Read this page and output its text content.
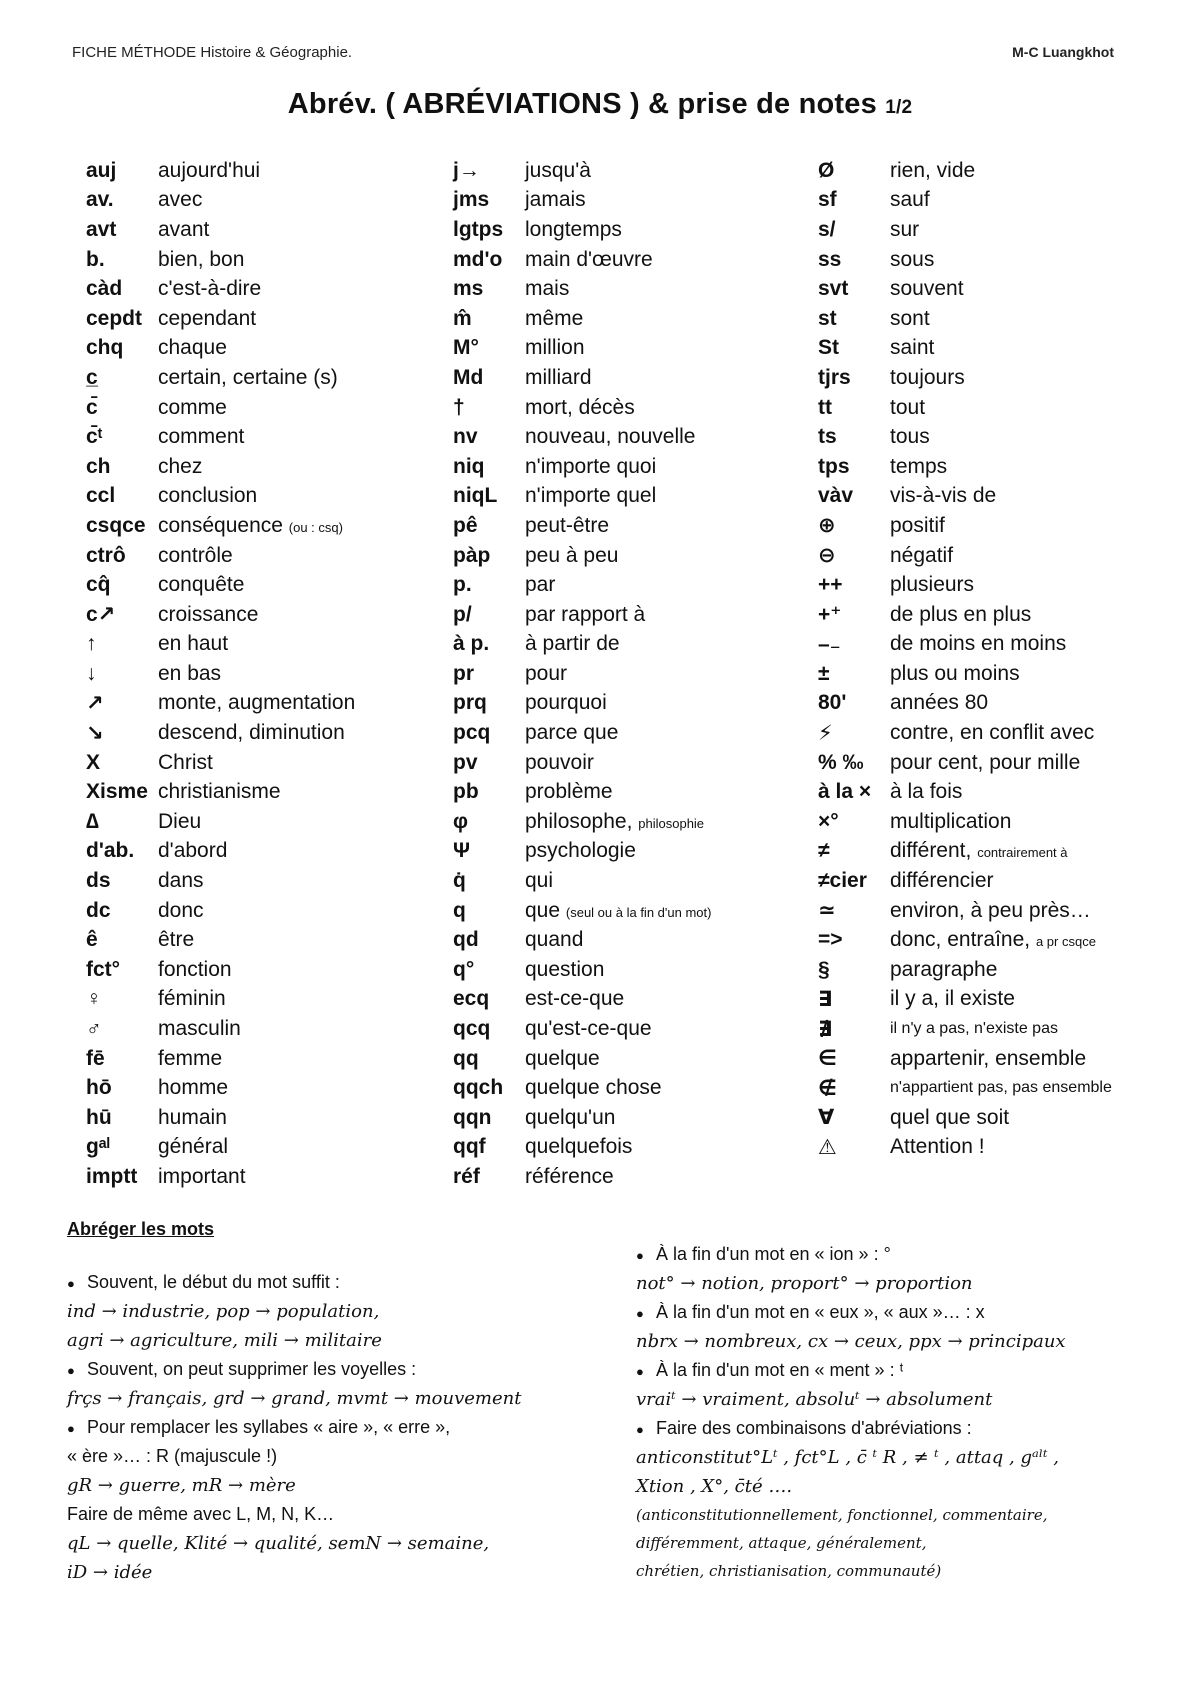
FICHE MÉTHODE Histoire & Géographie.	M-C Luangkhot
Abrév. ( ABRÉVIATIONS ) & prise de notes 1/2
auj	aujourd'hui
av.	avec
avt	avant
b.	bien, bon
càd	c'est-à-dire
cepdt cependant
chq	chaque
c̲	certain, certaine (s)
c̄	comme
c̄ᵗ	comment
ch	chez
ccl	conclusion
csqce conséquence (ou : csq)
ctrô	contrôle
cq̂	conquête
c↗	croissance
↑	en haut
↓	en bas
↗	monte, augmentation
↘	descend, diminution
X	Christ
Xisme christianisme
∆	Dieu
d'ab.	d'abord
ds	dans
dc	donc
ê	être
fct°	fonction
♀	féminin
♂	masculin
fē	femme
hō	homme
hū	humain
gᵃˡ	général
imptt important
j→	jusqu'à
jms	jamais
lgtps	longtemps
md'o	main d'œuvre
ms	mais
m̂	même
M°	million
Md	milliard
†	mort, décès
nv	nouveau, nouvelle
niq	n'importe quoi
niqL	n'importe quel
pê	peut-être
pàp	peu à peu
p.	par
p/	par rapport à
à p.	à partir de
pr	pour
prq	pourquoi
pcq	parce que
pv	pouvoir
pb	problème
φ	philosophe, philosophie
Ψ	psychologie
q̇	qui
q	que (seul ou à la fin d'un mot)
qd	quand
q°	question
ecq	est-ce-que
qcq	qu'est-ce-que
qq	quelque
qqch	quelque chose
qqn	quelqu'un
qqf	quelquefois
réf	référence
Ø	rien, vide
sf	sauf
s/	sur
ss	sous
svt	souvent
st	sont
St	saint
tjrs	toujours
tt	tout
ts	tous
tps	temps
vàv	vis-à-vis de
⊕	positif
⊖	négatif
++	plusieurs
+⁺	de plus en plus
–₋	de moins en moins
±	plus ou moins
80'	années 80
⚡	contre, en conflit avec
% ‰	pour cent, pour mille
à la × à la fois
×°	multiplication
≠	différent, contrairement à
≠cier	différencier
≃	environ, à peu près…
=>	donc, entraîne, a pr csqce
§	paragraphe
∃	il y a, il existe
∄	il n'y a pas, n'existe pas
∈	appartenir, ensemble
∉	n'appartient pas, pas ensemble
∀	quel que soit
⚠	Attention !
Abréger les mots
● Souvent, le début du mot suffit :
ind → industrie, pop → population,
agri → agriculture, mili → militaire
● Souvent, on peut supprimer les voyelles :
frçs → français, grd → grand, mvmt → mouvement
● Pour remplacer les syllabes « aire », « erre »,
« ère »… : R (majuscule !)
gR → guerre, mR → mère
Faire de même avec L, M, N, K…
qL → quelle, Klité → qualité, semN → semaine,
iD → idée
● À la fin d'un mot en « ion » : °
not° → notion, proport° → proportion
● À la fin d'un mot en « eux », « aux »… : x
nbrx → nombreux, cx → ceux, ppx → principaux
● À la fin d'un mot en « ment » : ᵗ
vraiᵗ → vraiment, absoluᵗ → absolument
● Faire des combinaisons d'abréviations :
anticonstitut°Lᵗ , fct°L , c̄ ᵗ R , ≠ ᵗ , attaq , gᵃˡᵗ ,
Xtion , X°, c̄té ….
(anticonstitutionnellement, fonctionnel, commentaire,
différemment, attaque, généralement,
chrétien, christianisation, communauté)
